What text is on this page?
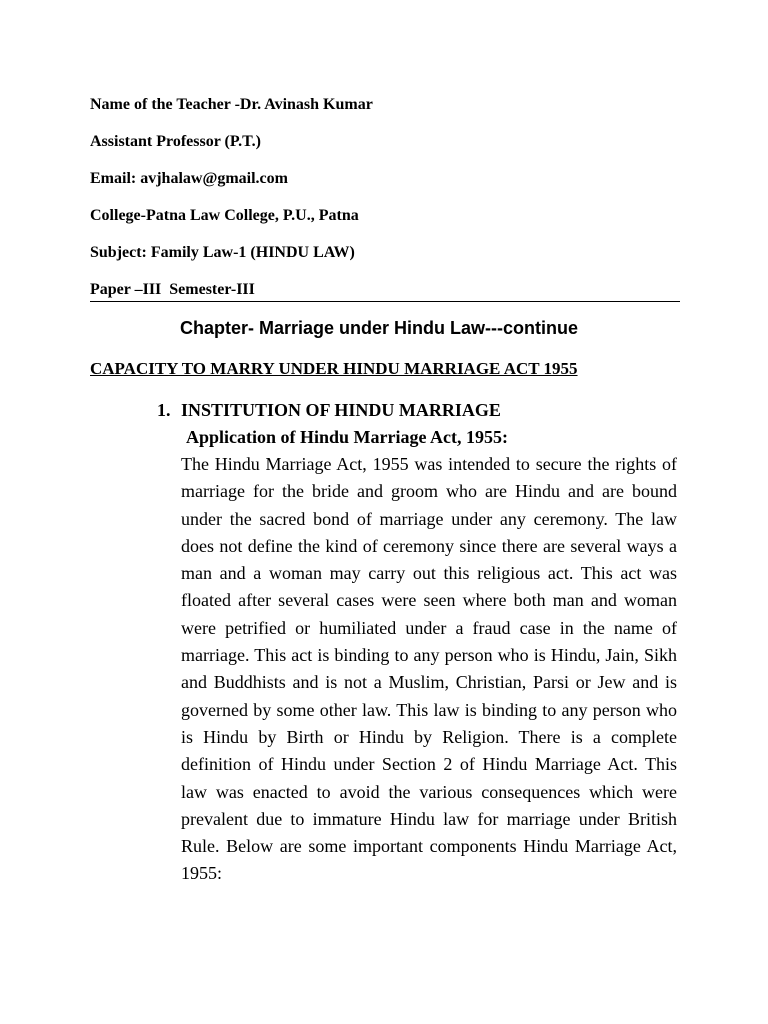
Name of the Teacher -Dr. Avinash Kumar
Assistant Professor (P.T.)
Email: avjhalaw@gmail.com
College-Patna Law College, P.U., Patna
Subject: Family Law-1 (HINDU LAW)
Paper –III  Semester-III
Chapter- Marriage under Hindu Law---continue
CAPACITY TO MARRY UNDER HINDU MARRIAGE ACT 1955
1. INSTITUTION OF HINDU MARRIAGE
Application of Hindu Marriage Act, 1955:
The Hindu Marriage Act, 1955 was intended to secure the rights of marriage for the bride and groom who are Hindu and are bound under the sacred bond of marriage under any ceremony. The law does not define the kind of ceremony since there are several ways a man and a woman may carry out this religious act. This act was floated after several cases were seen where both man and woman were petrified or humiliated under a fraud case in the name of marriage. This act is binding to any person who is Hindu, Jain, Sikh and Buddhists and is not a Muslim, Christian, Parsi or Jew and is governed by some other law. This law is binding to any person who is Hindu by Birth or Hindu by Religion. There is a complete definition of Hindu under Section 2 of Hindu Marriage Act. This law was enacted to avoid the various consequences which were prevalent due to immature Hindu law for marriage under British Rule. Below are some important components Hindu Marriage Act, 1955:
